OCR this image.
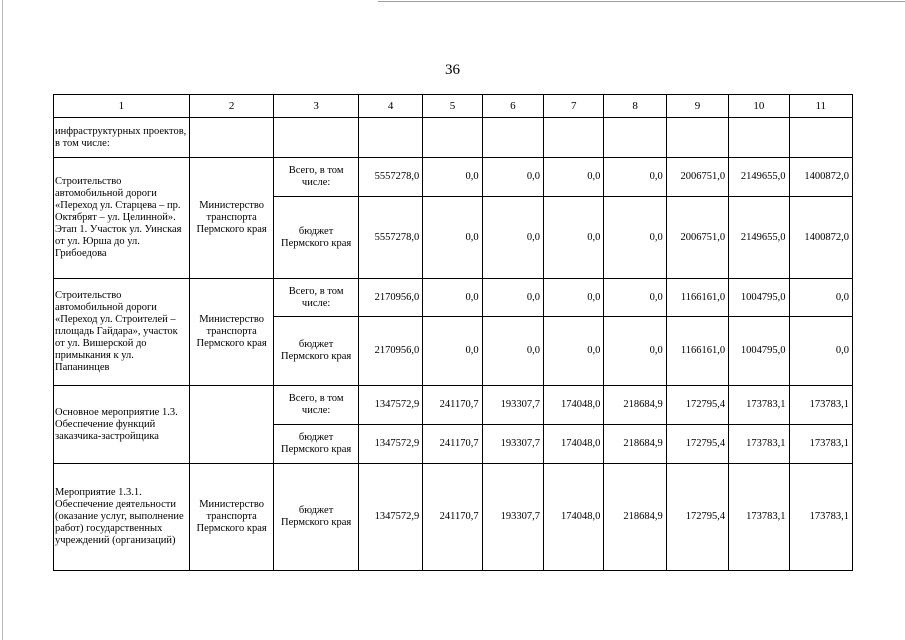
36
1	2	3	4	5	6	7	8	9	10	11
инфраструктурных проектов, в том числе:										
Строительство автомобильной дороги «Переход ул. Старцева – пр. Октябрят – ул. Целинной». Этап 1. Участок ул. Уинская от ул. Юрша до ул. Грибоедова	Министерство транспорта Пермского края	Всего, в том числе:	5557278,0	0,0	0,0	0,0	0,0	2006751,0	2149655,0	1400872,0
		бюджет Пермского края	5557278,0	0,0	0,0	0,0	0,0	2006751,0	2149655,0	1400872,0
Строительство автомобильной дороги «Переход ул. Строителей – площадь Гайдара», участок от ул. Вишерской до примыкания к ул. Папанинцев	Министерство транспорта Пермского края	Всего, в том числе:	2170956,0	0,0	0,0	0,0	0,0	1166161,0	1004795,0	0,0
		бюджет Пермского края	2170956,0	0,0	0,0	0,0	0,0	1166161,0	1004795,0	0,0
Основное мероприятие 1.3. Обеспечение функций заказчика-застройщика		Всего, в том числе:	1347572,9	241170,7	193307,7	174048,0	218684,9	172795,4	173783,1	173783,1
		бюджет Пермского края	1347572,9	241170,7	193307,7	174048,0	218684,9	172795,4	173783,1	173783,1
Мероприятие 1.3.1. Обеспечение деятельности (оказание услуг, выполнение работ) государственных учреждений (организаций)	Министерство транспорта Пермского края	бюджет Пермского края	1347572,9	241170,7	193307,7	174048,0	218684,9	172795,4	173783,1	173783,1
